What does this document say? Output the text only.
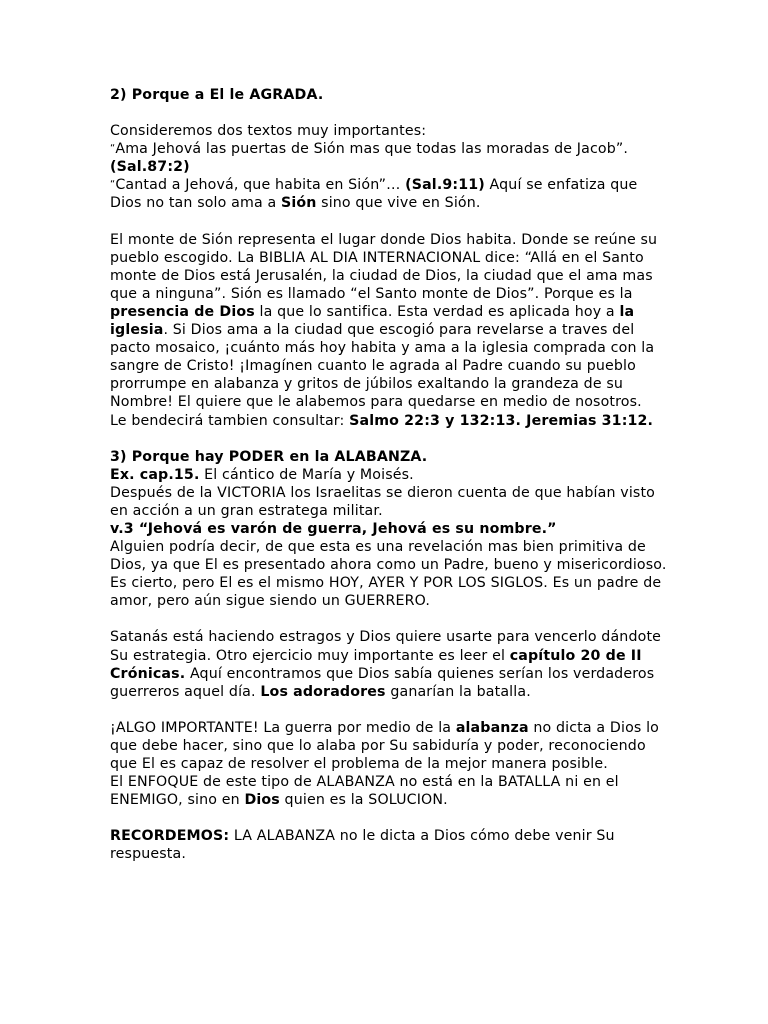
2) Porque a El le AGRADA.

Consideremos dos textos muy importantes:

“Ama Jehová las puertas de Sión mas que todas las moradas de Jacob”. (Sal.87:2)

“Cantad a Jehová, que habita en Sión”… (Sal.9:11) Aquí se enfatiza que Dios no tan solo ama a Sión sino que vive en Sión.

El monte de Sión representa el lugar donde Dios habita. Donde se reúne su pueblo escogido. La BIBLIA AL DIA INTERNACIONAL dice: “Allá en el Santo monte de Dios está Jerusalén, la ciudad de Dios, la ciudad que el ama mas que a ninguna”. Sión es llamado “el Santo monte de Dios”. Porque es la presencia de Dios la que lo santifica. Esta verdad es aplicada hoy a la iglesia. Si Dios ama a la ciudad que escogió para revelarse a traves del pacto mosaico, ¡cuánto más hoy habita y ama a la iglesia comprada con la sangre de Cristo! ¡Imagínen cuanto le agrada al Padre cuando su pueblo prorrumpe en alabanza y gritos de júbilos exaltando la grandeza de su Nombre! El quiere que le alabemos para quedarse en medio de nosotros.

Le bendecirá tambien consultar: Salmo 22:3 y 132:13. Jeremias 31:12.

3) Porque hay PODER en la ALABANZA.

Ex. cap.15. El cántico de María y Moisés.

Después de la VICTORIA los Israelitas se dieron cuenta de que habían visto en acción a un gran estratega militar.

v.3 “Jehová es varón de guerra, Jehová es su nombre.”

Alguien podría decir, de que esta es una revelación mas bien primitiva de Dios, ya que El es presentado ahora como un Padre, bueno y misericordioso. Es cierto, pero El es el mismo HOY, AYER Y POR LOS SIGLOS. Es un padre de amor, pero aún sigue siendo un GUERRERO.

Satanás está haciendo estragos y Dios quiere usarte para vencerlo dándote Su estrategia. Otro ejercicio muy importante es leer el capítulo 20 de II Crónicas. Aquí encontramos que Dios sabía quienes serían los verdaderos guerreros aquel día. Los adoradores ganarían la batalla.

¡ALGO IMPORTANTE! La guerra por medio de la alabanza no dicta a Dios lo que debe hacer, sino que lo alaba por Su sabiduría y poder, reconociendo que El es capaz de resolver el problema de la mejor manera posible.

El ENFOQUE de este tipo de ALABANZA no está en la BATALLA ni en el ENEMIGO, sino en Dios quien es la SOLUCION.

RECORDEMOS: LA ALABANZA no le dicta a Dios cómo debe venir Su respuesta.
